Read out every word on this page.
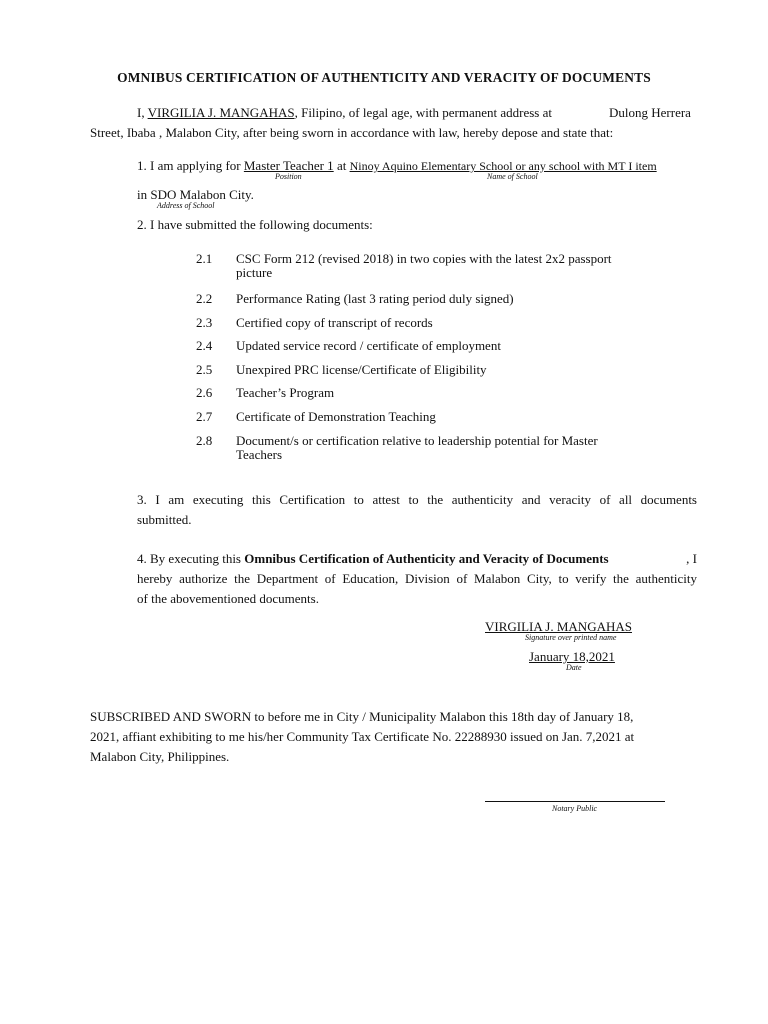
OMNIBUS CERTIFICATION OF AUTHENTICITY AND VERACITY OF DOCUMENTS
I, VIRGILIA J. MANGAHAS, Filipino, of legal age, with permanent address at	Dulong Herrera
Street, Ibaba , Malabon City, after being sworn in accordance with law, hereby depose and state that:
1. I am applying for Master Teacher 1 at Ninoy Aquino Elementary School or any school with MT I item
Position	Name of School
in SDO Malabon City.
Address of School
2. I have submitted the following documents:
2.1	CSC Form 212 (revised 2018) in two copies with the latest 2x2 passport
picture
2.2	Performance Rating (last 3 rating period duly signed)
2.3	Certified copy of transcript of records
2.4	Updated service record / certificate of employment
2.5	Unexpired PRC license/Certificate of Eligibility
2.6	Teacher’s Program
2.7	Certificate of Demonstration Teaching
2.8	Document/s or certification relative to leadership potential for Master
Teachers
3. I am executing this Certification to attest to the authenticity and veracity of all documents
submitted.
4. By executing this Omnibus Certification of Authenticity and Veracity of Documents	, I
hereby authorize the Department of Education, Division of Malabon City, to verify the authenticity
of the abovementioned documents.
VIRGILIA J. MANGAHAS
Signature over printed name
January 18,2021
Date
SUBSCRIBED AND SWORN to before me in City / Municipality Malabon this 18th day of January 18,
2021, affiant exhibiting to me his/her Community Tax Certificate No. 22288930 issued on Jan. 7,2021 at
Malabon City, Philippines.
Notary Public
